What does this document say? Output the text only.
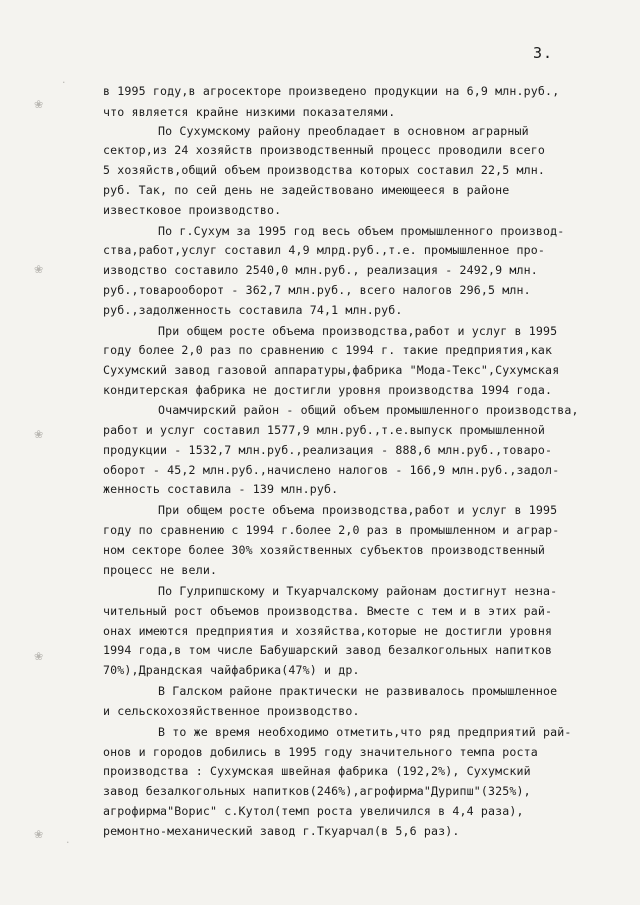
3.
·
❀
❀
❀
❀
❀
·
в 1995 году,в агросекторе произведено продукции на 6,9 млн.руб.,
что является крайне низкими показателями.
По Сухумскому району преобладает в основном аграрный
сектор,из 24 хозяйств производственный процесс проводили всего
5 хозяйств,общий объем производства которых составил 22,5 млн.
руб. Так, по сей день не задействовано имеющееся в районе
известковое производство.
По г.Сухум за 1995 год весь объем промышленного производ-
ства,работ,услуг составил 4,9 млрд.руб.,т.е. промышленное про-
изводство составило 2540,0 млн.руб., реализация - 2492,9 млн.
руб.,товарооборот - 362,7 млн.руб., всего налогов 296,5 млн.
руб.,задолженность составила 74,1 млн.руб.
При общем росте объема производства,работ и услуг в 1995
году более 2,0 раз по сравнению с 1994 г. такие предприятия,как
Сухумский завод газовой аппаратуры,фабрика "Мода-Текс",Сухумская
кондитерская фабрика не достигли уровня производства 1994 года.
Очамчирский район - общий объем промышленного производства,
работ и услуг составил 1577,9 млн.руб.,т.е.выпуск промышленной
продукции - 1532,7 млн.руб.,реализация - 888,6 млн.руб.,товаро-
оборот - 45,2 млн.руб.,начислено налогов - 166,9 млн.руб.,задол-
женность составила - 139 млн.руб.
При общем росте объема производства,работ и услуг в 1995
году по сравнению с 1994 г.более 2,0 раз в промышленном и аграр-
ном секторе более 30% хозяйственных субъектов производственный
процесс не вели.
По Гулрипшскому и Ткуарчалскому районам достигнут незна-
чительный рост объемов производства. Вместе с тем и в этих рай-
онах имеются предприятия и хозяйства,которые не достигли уровня
1994 года,в том числе Бабушарский завод безалкогольных напитков
70%),Драндская чайфабрика(47%) и др.
В Галском районе практически не развивалось промышленное
и сельскохозяйственное производство.
В то же время необходимо отметить,что ряд предприятий рай-
онов и городов добились в 1995 году значительного темпа роста
производства : Сухумская швейная фабрика (192,2%), Сухумский
завод безалкогольных напитков(246%),агрофирма"Дурипш"(325%),
агрофирма"Ворис" с.Кутол(темп роста увеличился в 4,4 раза),
ремонтно-механический завод г.Ткуарчал(в 5,6 раз).
